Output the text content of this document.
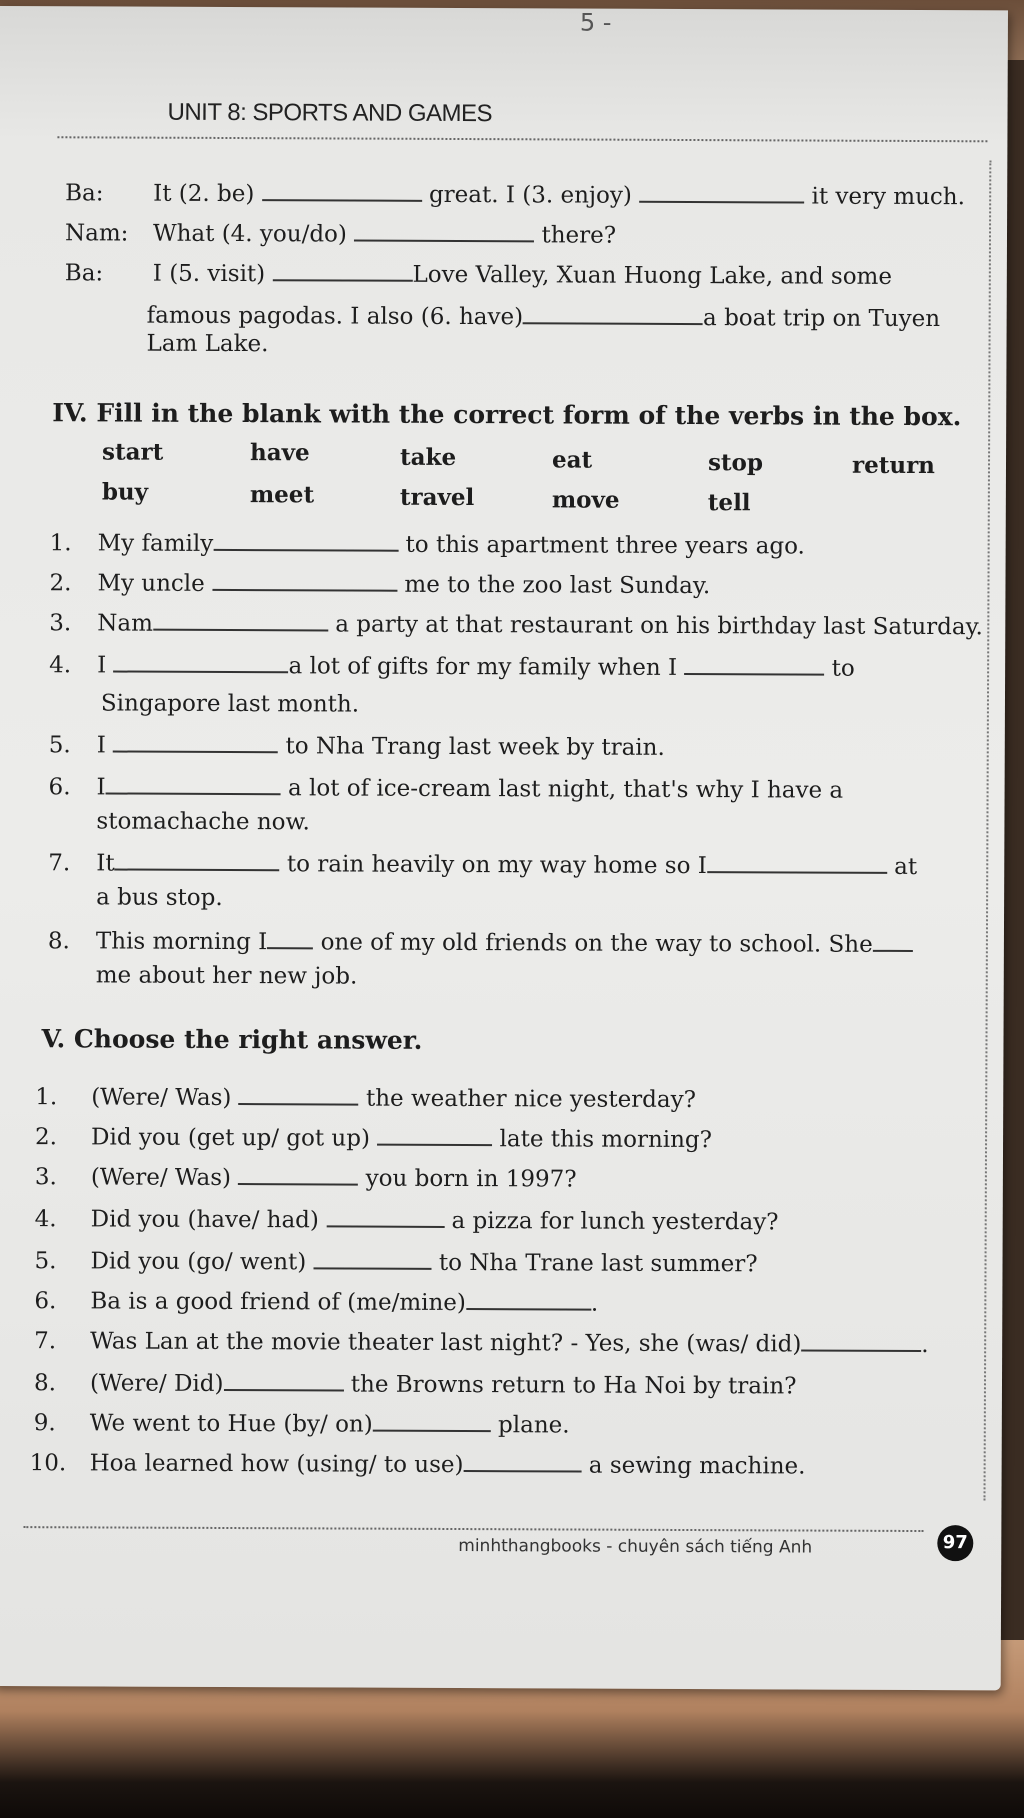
5 -
UNIT 8: SPORTS AND GAMES
Ba: It (2. be)	great. I (3. enjoy)	it very much.
Nam: What (4. you/do)	there?
Ba: I (5. visit)	Love Valley, Xuan Huong Lake, and some
famous pagodas. I also (6. have)	a boat trip on Tuyen
Lam Lake.
IV. Fill in the blank with the correct form of the verbs in the box.
start	have	take	eat	stop	return
buy	meet	travel	move	tell
1. My family	to this apartment three years ago.
2. My uncle	me to the zoo last Sunday.
3. Nam	a party at that restaurant on his birthday last Saturday.
4. I	a lot of gifts for my family when I	to
Singapore last month.
5. I	to Nha Trang last week by train.
6. I	a lot of ice-cream last night, that's why I have a
stomachache now.
7. It	to rain heavily on my way home so I	at
a bus stop.
8. This morning I one of my old friends on the way to school. She
me about her new job.
V. Choose the right answer.
1. (Were/ Was)	the weather nice yesterday?
2. Did you (get up/ got up)	late this morning?
3. (Were/ Was)	you born in 1997?
4. Did you (have/ had)	a pizza for lunch yesterday?
5. Did you (go/ went)	to Nha Trane last summer?
6. Ba is a good friend of (me/mine)	.
7. Was Lan at the movie theater last night? - Yes, she (was/ did)	.
8. (Were/ Did)	the Browns return to Ha Noi by train?
9. We went to Hue (by/ on)	plane.
10. Hoa learned how (using/ to use)	a sewing machine.
minhthangbooks - chuyên sách tiếng Anh	97
